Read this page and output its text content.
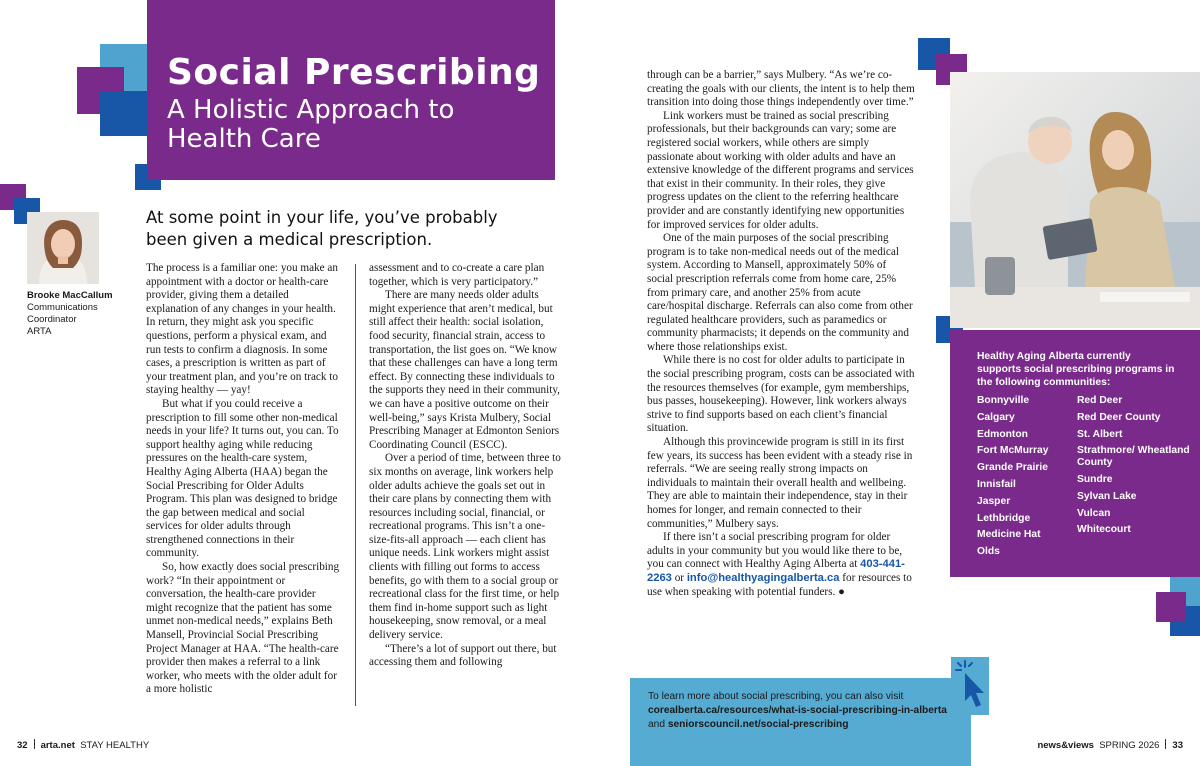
Social Prescribing
A Holistic Approach to Health Care
At some point in your life, you’ve probably been given a medical prescription.
Brooke MacCallum
Communications
Coordinator
ARTA

The process is a familiar one: you make an appointment with a doctor or health-care provider, giving them a detailed explanation of any changes in your health. In return, they might ask you specific questions, perform a physical exam, and run tests to confirm a diagnosis. In some cases, a prescription is written as part of your treatment plan, and you’re on track to staying healthy — yay!

But what if you could receive a prescription to fill some other non-medical needs in your life? It turns out, you can. To support healthy aging while reducing pressures on the health-care system, Healthy Aging Alberta (HAA) began the Social Prescribing for Older Adults Program. This plan was designed to bridge the gap between medical and social services for older adults through strengthened connections in their community.

So, how exactly does social prescribing work? “In their appointment or conversation, the health-care provider might recognize that the patient has some unmet non-medical needs,” explains Beth Mansell, Provincial Social Prescribing Project Manager at HAA. “The health-care provider then makes a referral to a link worker, who meets with the older adult for a more holistic

assessment and to co-create a care plan together, which is very participatory.”

There are many needs older adults might experience that aren’t medical, but still affect their health: social isolation, food security, financial strain, access to transportation, the list goes on. “We know that these challenges can have a long term effect. By connecting these individuals to the supports they need in their community, we can have a positive outcome on their well-being,” says Krista Mulbery, Social Prescribing Manager at Edmonton Seniors Coordinating Council (ESCC).

Over a period of time, between three to six months on average, link workers help older adults achieve the goals set out in their care plans by connecting them with resources including social, financial, or recreational programs. This isn’t a one-size-fits-all approach — each client has unique needs. Link workers might assist clients with filling out forms to access benefits, go with them to a social group or recreational class for the first time, or help them find in-home support such as light housekeeping, snow removal, or a meal delivery service.

“There’s a lot of support out there, but accessing them and following

through can be a barrier,” says Mulbery. “As we’re co-creating the goals with our clients, the intent is to help them transition into doing those things independently over time.”

Link workers must be trained as social prescribing professionals, but their backgrounds can vary; some are registered social workers, while others are simply passionate about working with older adults and have an extensive knowledge of the different programs and services that exist in their community. In their roles, they give progress updates on the client to the referring healthcare provider and are constantly identifying new opportunities for improved services for older adults.

One of the main purposes of the social prescribing program is to take non-medical needs out of the medical system. According to Mansell, approximately 50% of social prescription referrals come from home care, 25% from primary care, and another 25% from acute care/hospital discharge. Referrals can also come from other regulated healthcare providers, such as paramedics or community pharmacists; it depends on the community and where those relationships exist.

While there is no cost for older adults to participate in the social prescribing program, costs can be associated with the resources themselves (for example, gym memberships, bus passes, housekeeping). However, link workers always strive to find supports based on each client’s financial situation.

Although this provincewide program is still in its first few years, its success has been evident with a steady rise in referrals. “We are seeing really strong impacts on individuals to maintain their overall health and wellbeing. They are able to maintain their independence, stay in their homes for longer, and remain connected to their communities,” Mulbery says.

If there isn’t a social prescribing program for older adults in your community but you would like there to be, you can connect with Healthy Aging Alberta at 403-441-2263 or info@healthyagingalberta.ca for resources to use when speaking with potential funders. ●

Healthy Aging Alberta currently supports social prescribing programs in the following communities:
Bonnyville
Calgary
Edmonton
Fort McMurray
Grande Prairie
Innisfail
Jasper
Lethbridge
Medicine Hat
Olds
Red Deer
Red Deer County
St. Albert
Strathmore/ Wheatland County
Sundre
Sylvan Lake
Vulcan
Whitecourt
To learn more about social prescribing, you can also visit
corealberta.ca/resources/what-is-social-prescribing-in-alberta
and seniorscouncil.net/social-prescribing
32 arta.net STAY HEALTHY	news&views SPRING 2026 33
